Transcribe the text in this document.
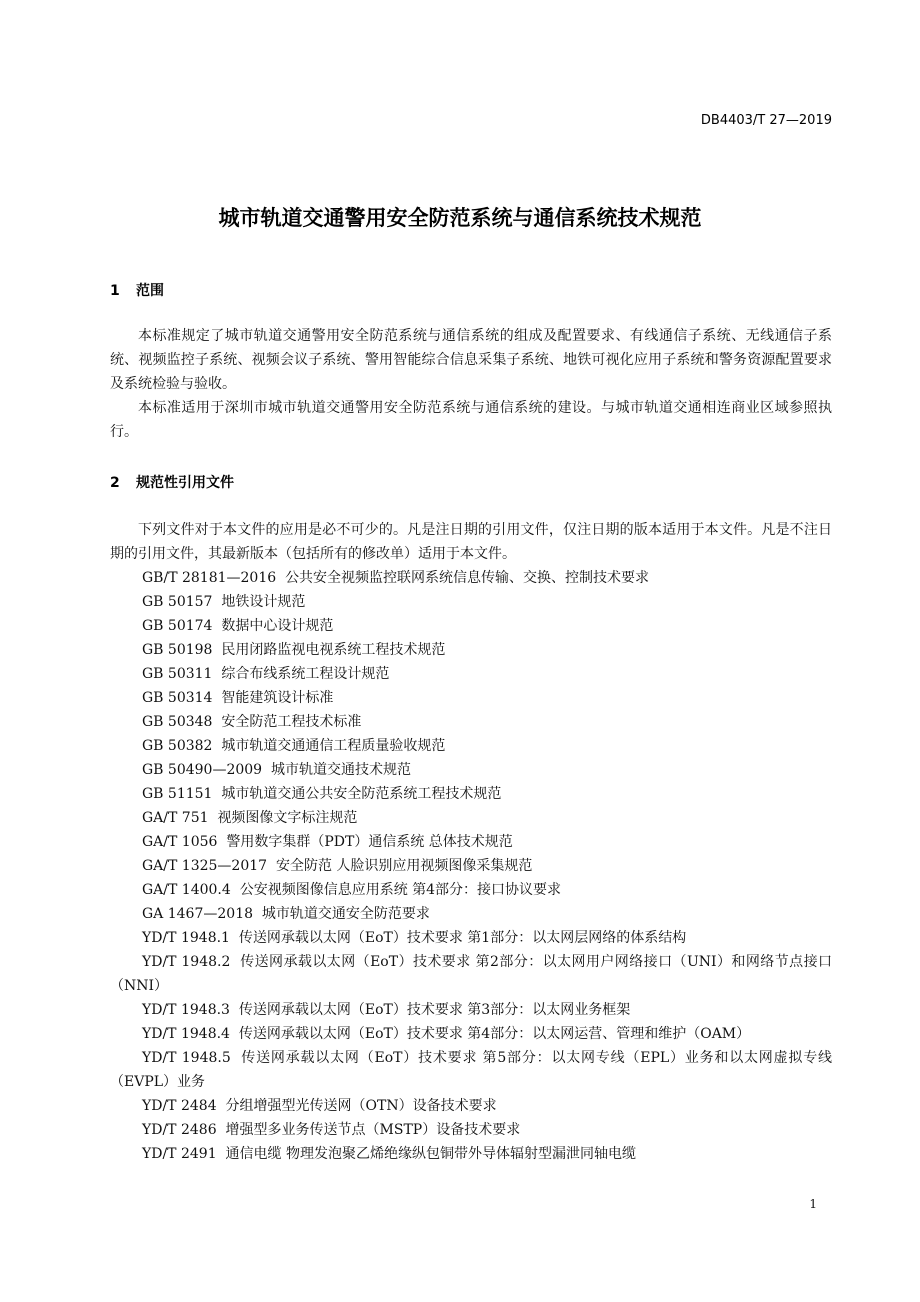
DB4403/T 27—2019
城市轨道交通警用安全防范系统与通信系统技术规范
1 范围

本标准规定了城市轨道交通警用安全防范系统与通信系统的组成及配置要求、有线通信子系统、无线通信子系统、视频监控子系统、视频会议子系统、警用智能综合信息采集子系统、地铁可视化应用子系统和警务资源配置要求及系统检验与验收。

本标准适用于深圳市城市轨道交通警用安全防范系统与通信系统的建设。与城市轨道交通相连商业区域参照执行。

2 规范性引用文件

下列文件对于本文件的应用是必不可少的。凡是注日期的引用文件，仅注日期的版本适用于本文件。凡是不注日期的引用文件，其最新版本（包括所有的修改单）适用于本文件。

GB/T 28181—2016 公共安全视频监控联网系统信息传输、交换、控制技术要求
GB 50157 地铁设计规范
GB 50174 数据中心设计规范
GB 50198 民用闭路监视电视系统工程技术规范
GB 50311 综合布线系统工程设计规范
GB 50314 智能建筑设计标准
GB 50348 安全防范工程技术标准
GB 50382 城市轨道交通通信工程质量验收规范
GB 50490—2009 城市轨道交通技术规范
GB 51151 城市轨道交通公共安全防范系统工程技术规范
GA/T 751 视频图像文字标注规范
GA/T 1056 警用数字集群（PDT）通信系统 总体技术规范
GA/T 1325—2017 安全防范 人脸识别应用视频图像采集规范
GA/T 1400.4 公安视频图像信息应用系统 第4部分：接口协议要求
GA 1467—2018 城市轨道交通安全防范要求
YD/T 1948.1 传送网承载以太网（EoT）技术要求 第1部分：以太网层网络的体系结构
YD/T 1948.2 传送网承载以太网（EoT）技术要求 第2部分：以太网用户网络接口（UNI）和网络节点接口（NNI）
YD/T 1948.3 传送网承载以太网（EoT）技术要求 第3部分：以太网业务框架
YD/T 1948.4 传送网承载以太网（EoT）技术要求 第4部分：以太网运营、管理和维护（OAM）
YD/T 1948.5 传送网承载以太网（EoT）技术要求 第5部分：以太网专线（EPL）业务和以太网虚拟专线（EVPL）业务
YD/T 2484 分组增强型光传送网（OTN）设备技术要求
YD/T 2486 增强型多业务传送节点（MSTP）设备技术要求
YD/T 2491 通信电缆 物理发泡聚乙烯绝缘纵包铜带外导体辐射型漏泄同轴电缆
1
